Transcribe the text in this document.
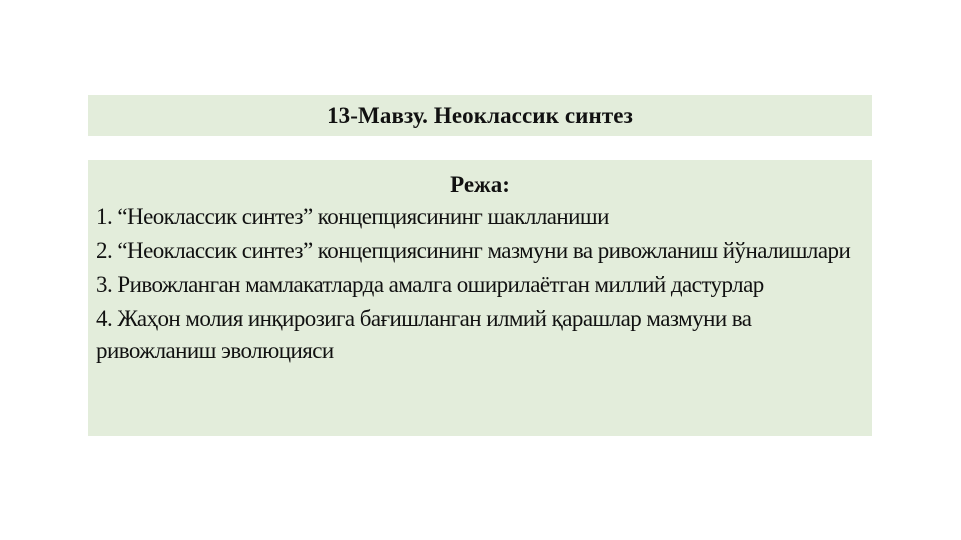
13-Мавзу. Неоклассик синтез
Режа:
1. “Неоклассик синтез” концепциясининг шаклланиши
2. “Неоклассик синтез” концепциясининг мазмуни ва ривожланиш йўналишлари
3. Ривожланган мамлакатларда амалга оширилаётган миллий дастурлар
4. Жаҳон молия инқирозига бағишланган илмий қарашлар мазмуни ва ривожланиш эволюцияси
